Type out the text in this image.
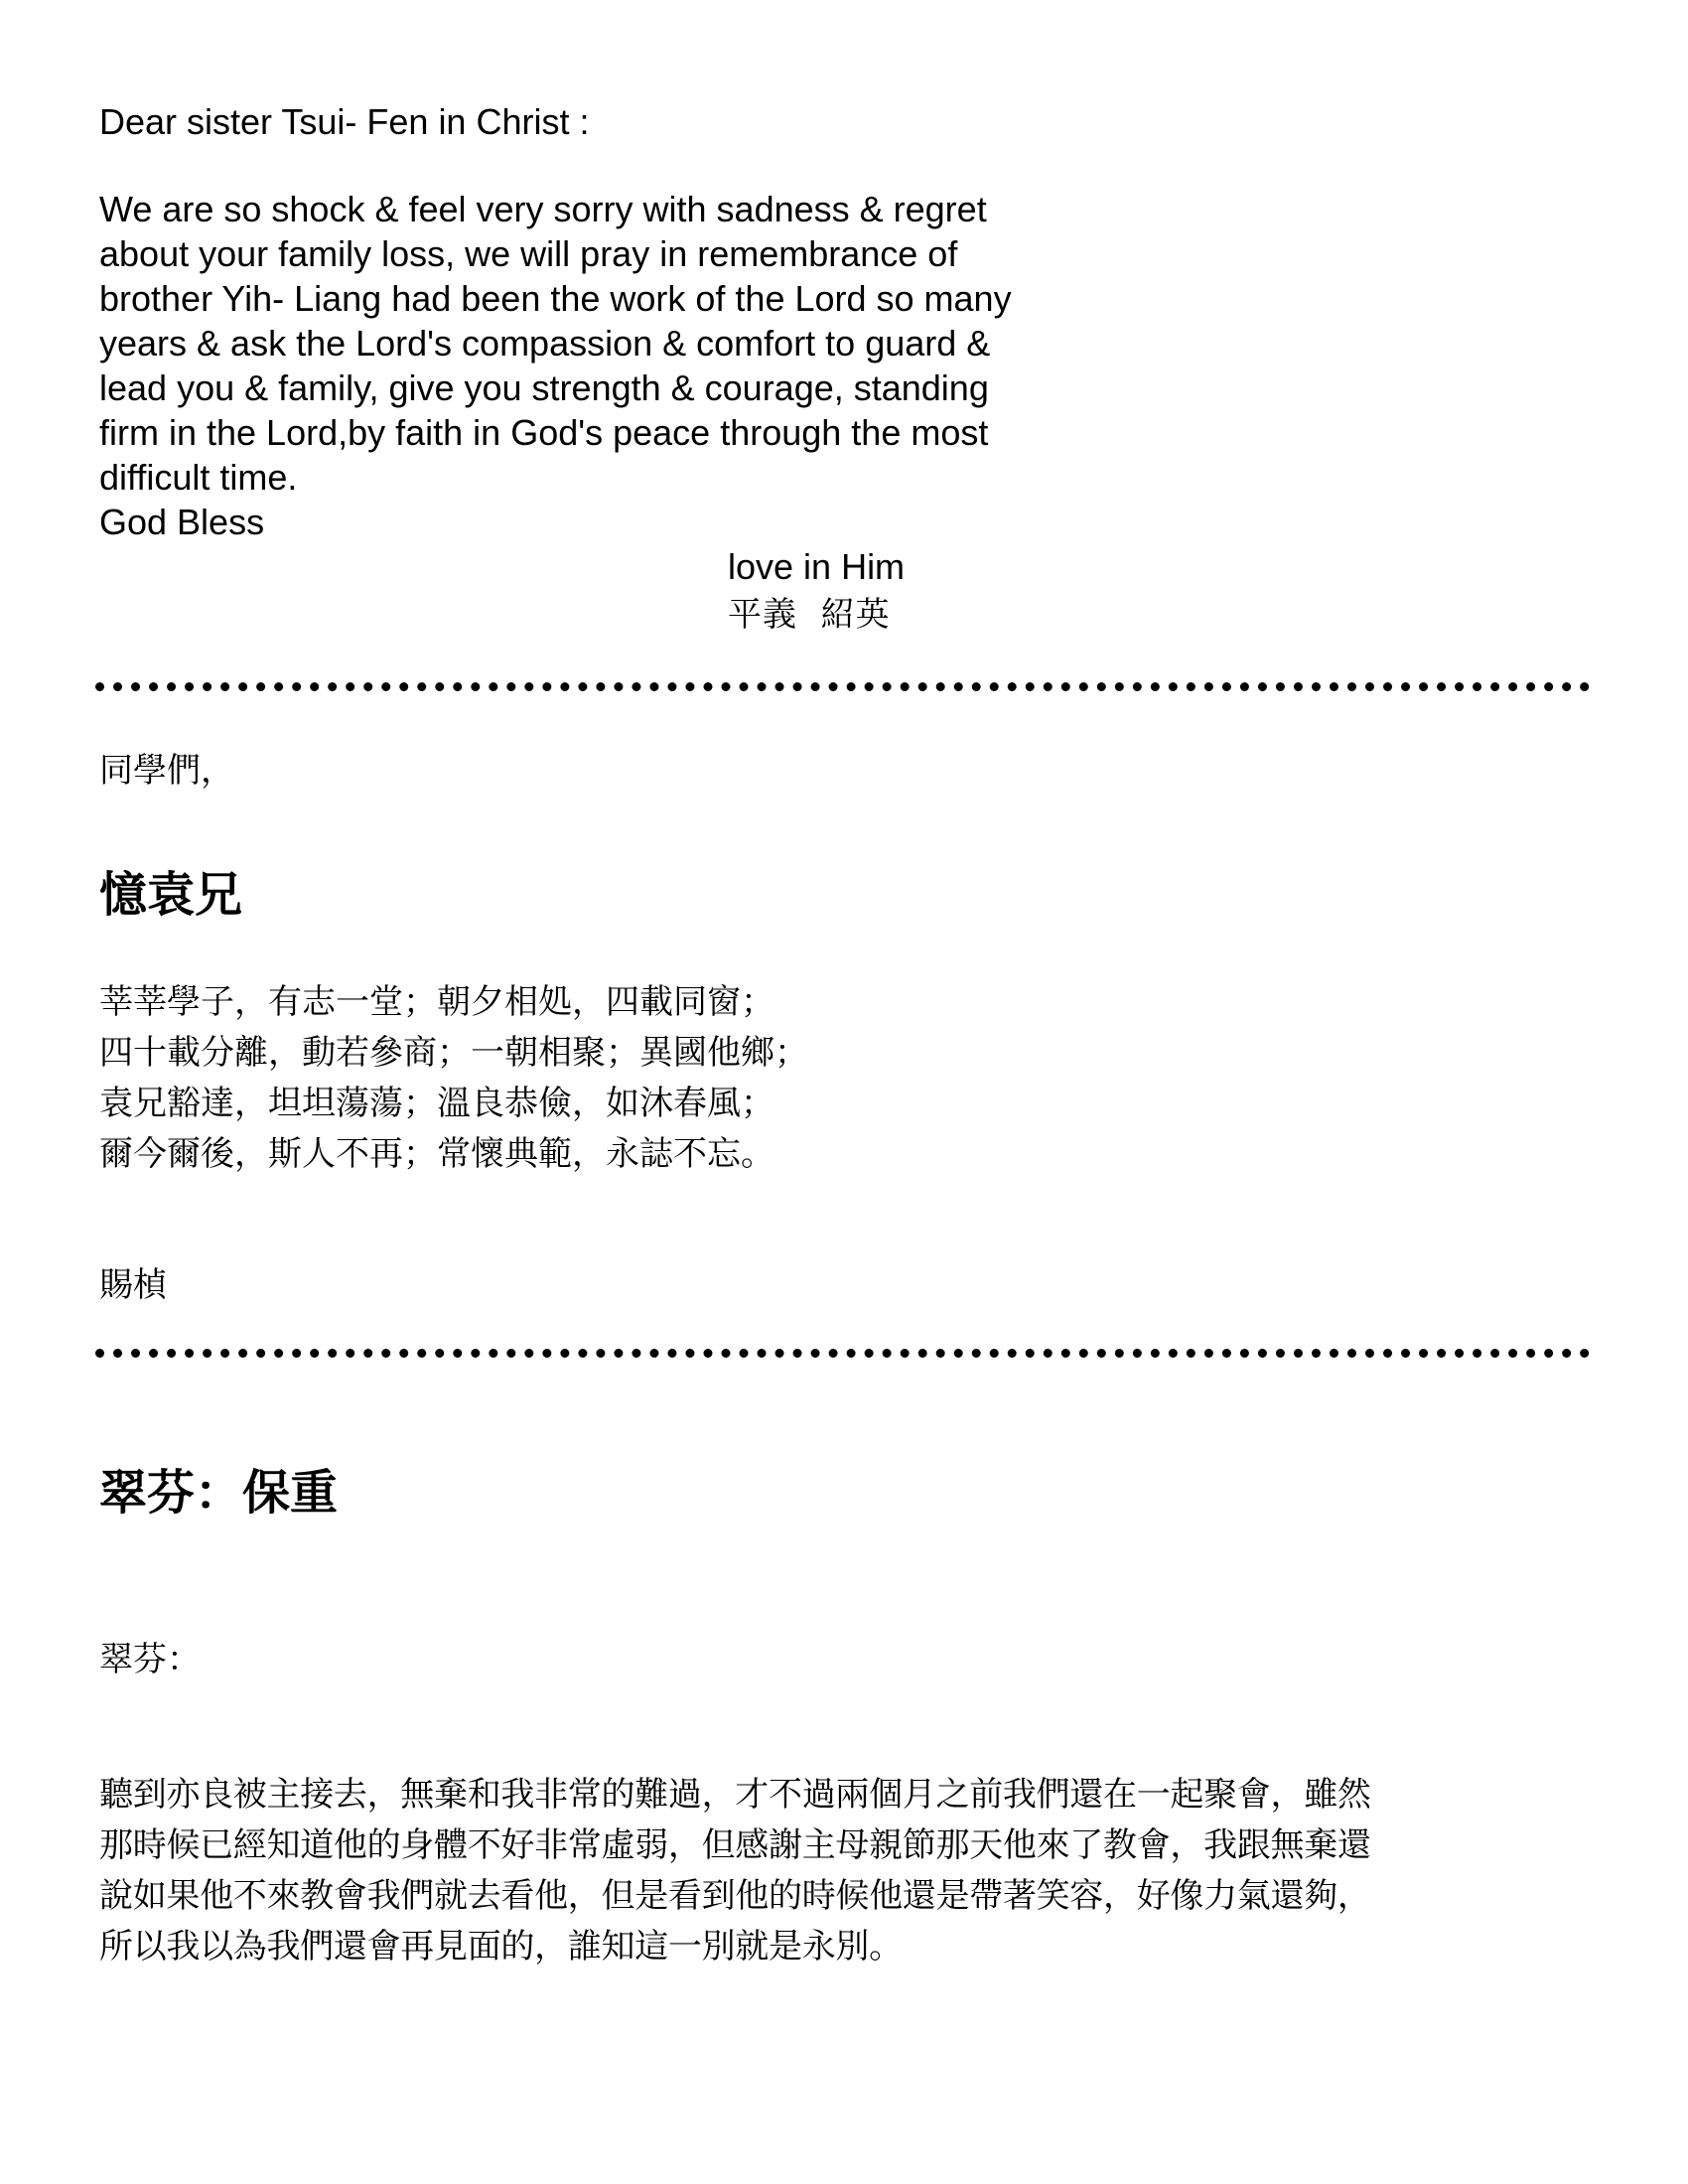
Dear sister Tsui- Fen in Christ :
We are so shock & feel very sorry with sadness & regret
about your family loss, we will pray in remembrance of
brother Yih- Liang had been the work of the Lord so many
years & ask the Lord's compassion & comfort to guard &
lead you & family, give you strength & courage, standing
firm in the Lord,by faith in God's peace through the most
difficult time.
God Bless
love in Him
平義  紹英
同學們，
憶袁兄
莘莘學子，有志一堂；朝夕相処，四載同窗；
四十載分離，動若參商；一朝相聚；異國他鄉；
袁兄豁達，坦坦蕩蕩；溫良恭儉，如沐春風；
爾今爾後，斯人不再；常懷典範，永誌不忘。
賜楨
翠芬：保重
翠芬：
聽到亦良被主接去，無棄和我非常的難過，才不過兩個月之前我們還在一起聚會，雖然
那時候已經知道他的身體不好非常虛弱，但感謝主母親節那天他來了教會，我跟無棄還
說如果他不來教會我們就去看他，但是看到他的時候他還是帶著笑容，好像力氣還夠，
所以我以為我們還會再見面的，誰知這一別就是永別。
